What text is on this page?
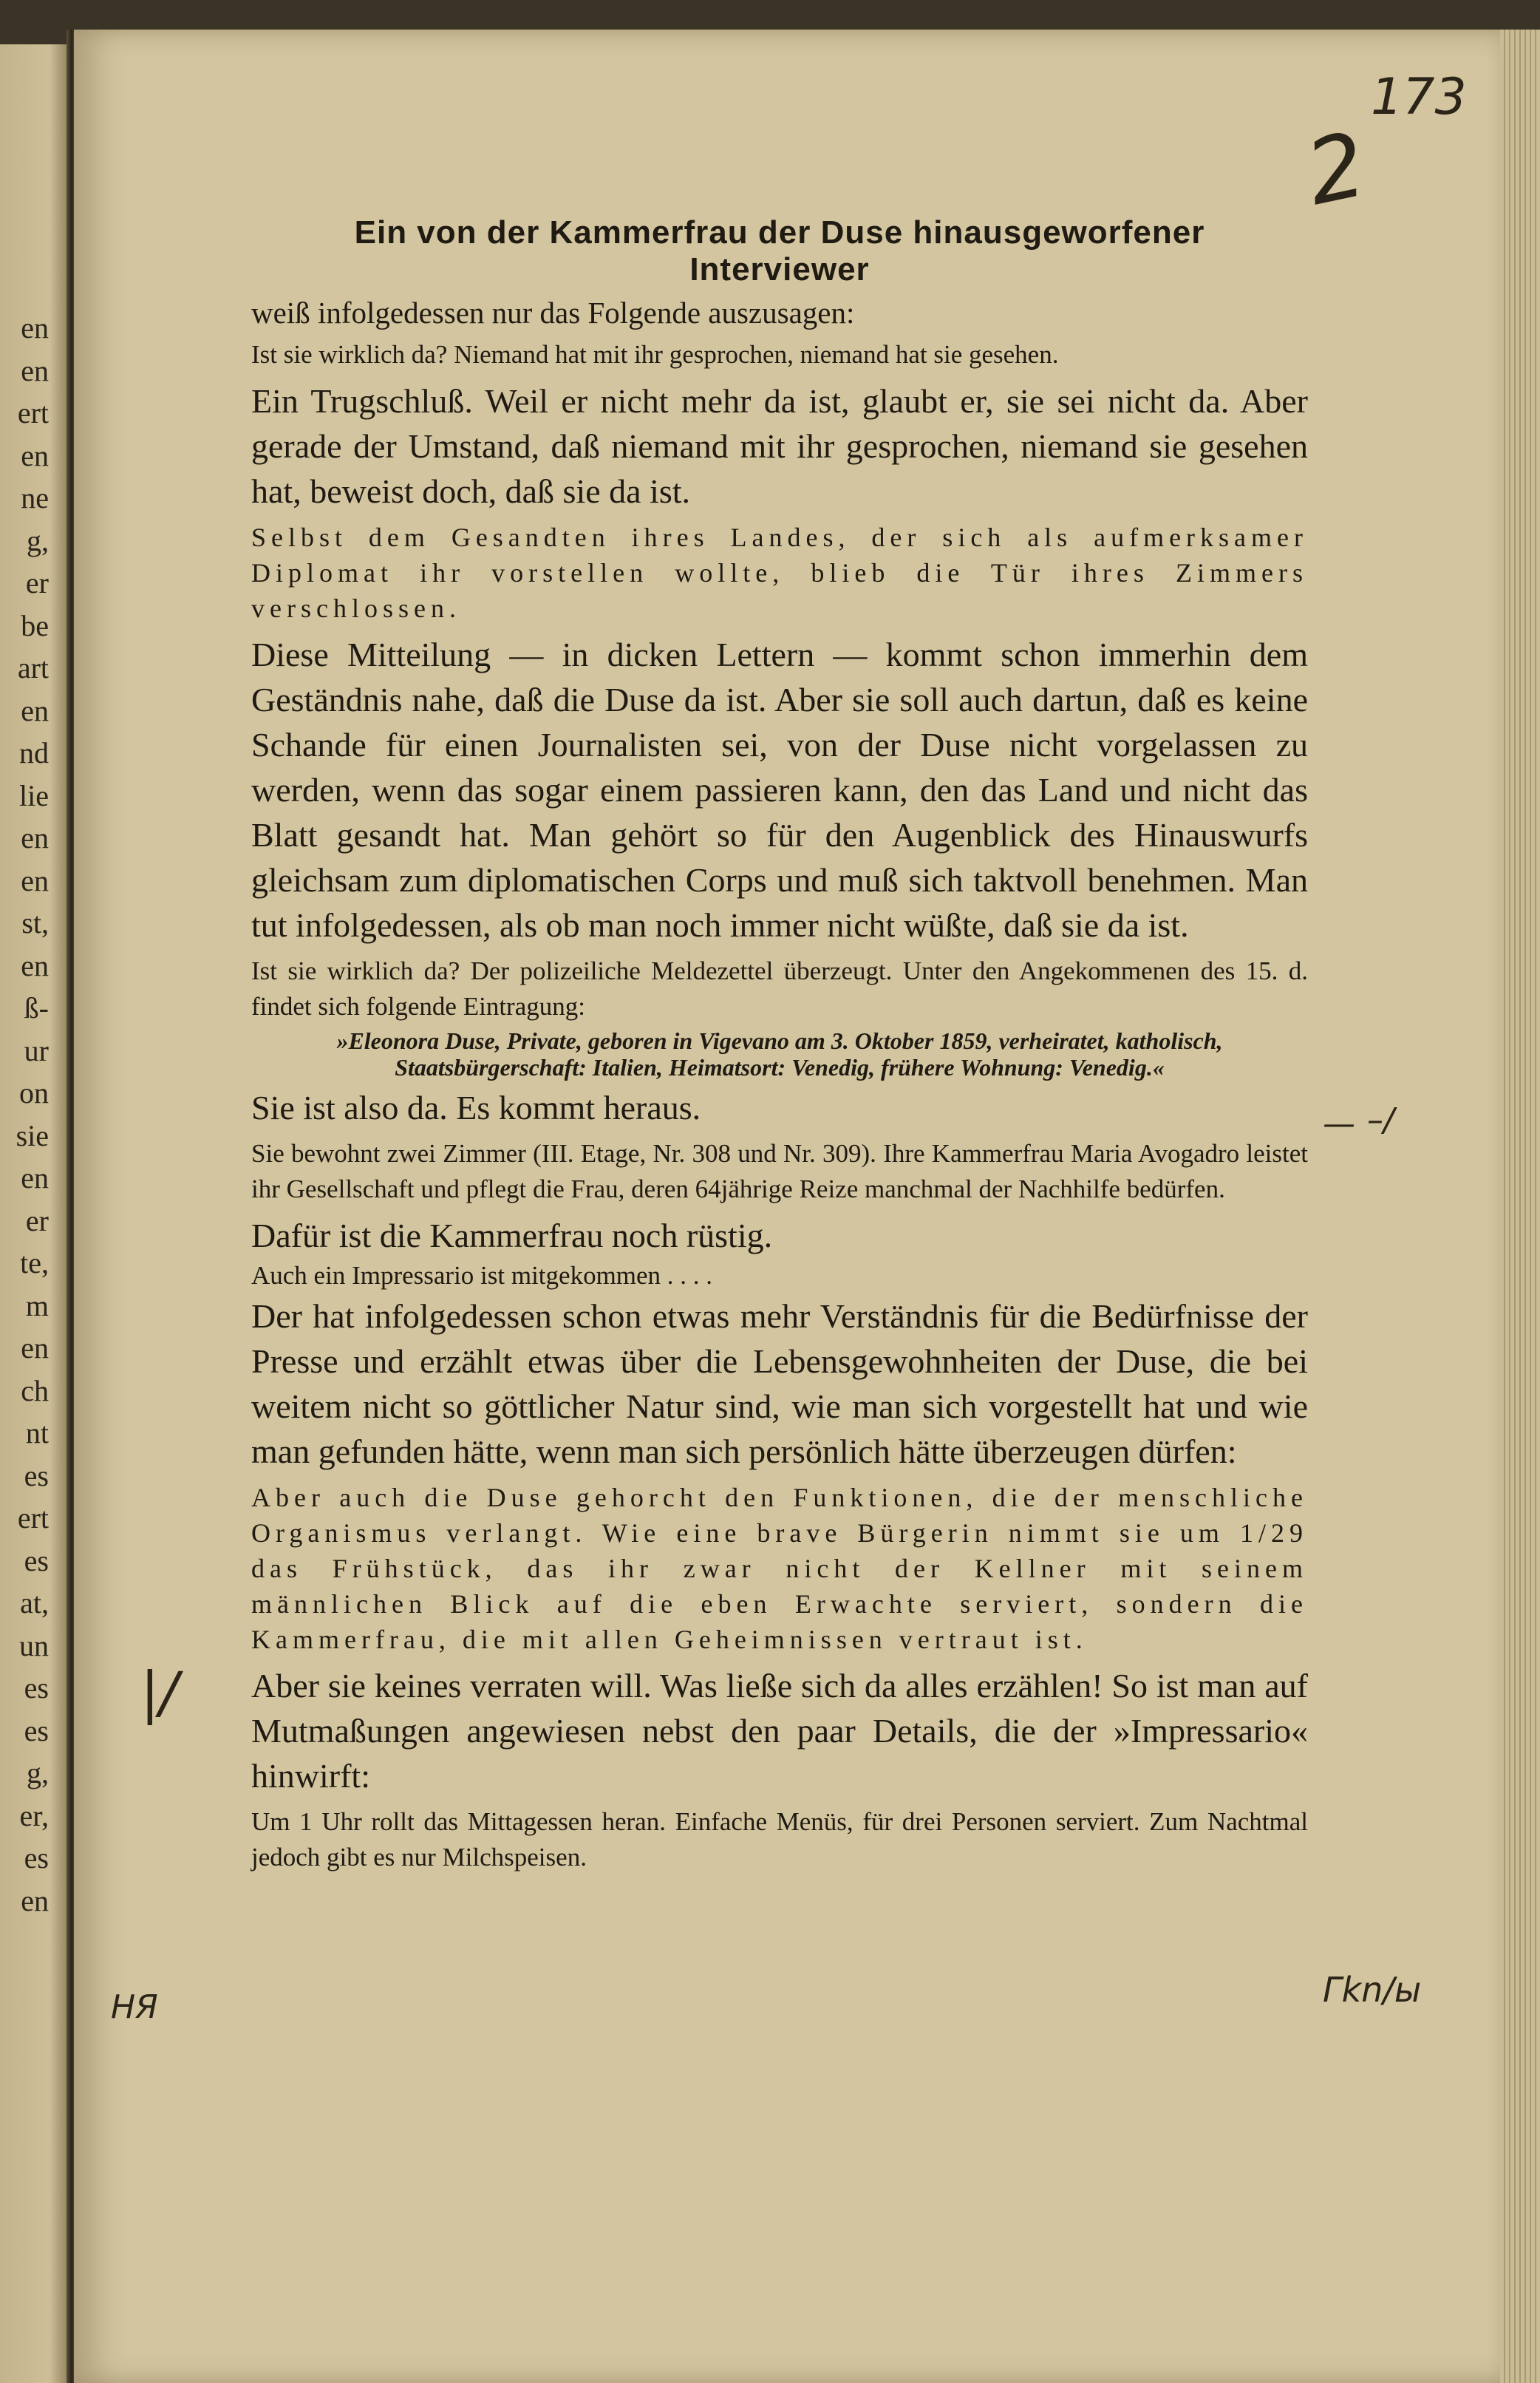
en
en
ert
en
ne
g,
er
be
art
en
nd
lie
en
en
st,
en
ß-
ur
on
sie
en
er
te,
m
en
ch
nt
es
ert
es
at,
un
es
es
g,
er,
es
en
173
2
— –/
|/
HЯ	Γkn/ы
Ein von der Kammerfrau der Duse hinausgeworfener
Interviewer

weiß infolgedessen nur das Folgende auszusagen:

Ist sie wirklich da? Niemand hat mit ihr gesprochen, niemand hat sie gesehen.

Ein Trugschluß. Weil er nicht mehr da ist, glaubt er, sie sei nicht da. Aber gerade der Umstand, daß niemand mit ihr gesprochen, niemand sie gesehen hat, beweist doch, daß sie da ist.

Selbst dem Gesandten ihres Landes, der sich als aufmerksamer Diplomat ihr vorstellen wollte, blieb die Tür ihres Zimmers verschlossen.

Diese Mitteilung — in dicken Lettern — kommt schon immerhin dem Geständnis nahe, daß die Duse da ist. Aber sie soll auch dartun, daß es keine Schande für einen Journalisten sei, von der Duse nicht vorgelassen zu werden, wenn das sogar einem passieren kann, den das Land und nicht das Blatt gesandt hat. Man gehört so für den Augenblick des Hinauswurfs gleichsam zum diplomatischen Corps und muß sich taktvoll benehmen. Man tut infolgedessen, als ob man noch immer nicht wüßte, daß sie da ist.

Ist sie wirklich da? Der polizeiliche Meldezettel überzeugt. Unter den Angekommenen des 15. d. findet sich folgende Eintragung:

»Eleonora Duse, Private, geboren in Vigevano am 3. Oktober 1859, verheiratet, katholisch, Staatsbürgerschaft: Italien, Heimatsort: Venedig, frühere Wohnung: Venedig.«

Sie ist also da. Es kommt heraus.

Sie bewohnt zwei Zimmer (III. Etage, Nr. 308 und Nr. 309). Ihre Kammerfrau Maria Avogadro leistet ihr Gesellschaft und pflegt die Frau, deren 64jährige Reize manchmal der Nachhilfe bedürfen.

Dafür ist die Kammerfrau noch rüstig.

Auch ein Impressario ist mitgekommen . . . .

Der hat infolgedessen schon etwas mehr Verständnis für die Bedürfnisse der Presse und erzählt etwas über die Lebensgewohnheiten der Duse, die bei weitem nicht so göttlicher Natur sind, wie man sich vorgestellt hat und wie man gefunden hätte, wenn man sich persönlich hätte überzeugen dürfen:

Aber auch die Duse gehorcht den Funktionen, die der menschliche Organismus verlangt. Wie eine brave Bürgerin nimmt sie um 1/29 das Frühstück, das ihr zwar nicht der Kellner mit seinem männlichen Blick auf die eben Erwachte serviert, sondern die Kammerfrau, die mit allen Geheimnissen vertraut ist.

Aber sie keines verraten will. Was ließe sich da alles erzählen! So ist man auf Mutmaßungen angewiesen nebst den paar Details, die der »Impressario« hinwirft:

Um 1 Uhr rollt das Mittagessen heran. Einfache Menüs, für drei Personen serviert. Zum Nachtmal jedoch gibt es nur Milchspeisen.
